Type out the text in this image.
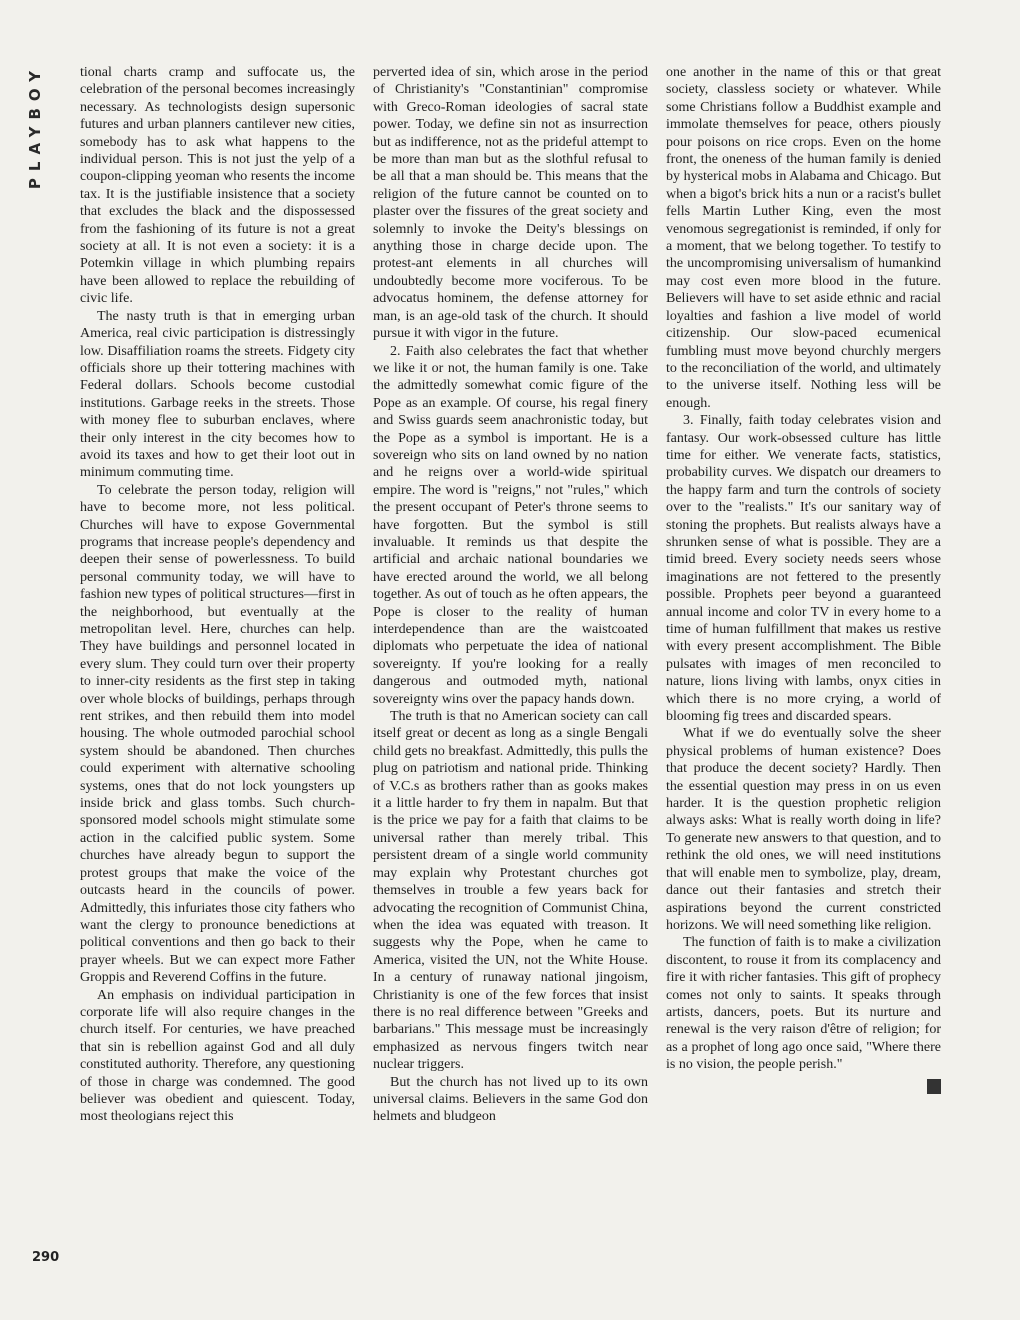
PLAYBOY	tional charts cramp and suffocate us, the celebration of the personal becomes increasingly necessary. As technologists design supersonic futures and urban planners cantilever new cities, somebody has to ask what happens to the individual person. This is not just the yelp of a coupon-clipping yeoman who resents the income tax. It is the justifiable insistence that a society that excludes the black and the dispossessed from the fashioning of its future is not a great society at all. It is not even a society: it is a Potemkin village in which plumbing repairs have been allowed to replace the rebuilding of civic life.

The nasty truth is that in emerging urban America, real civic participation is distressingly low. Disaffiliation roams the streets. Fidgety city officials shore up their tottering machines with Federal dollars. Schools become custodial institutions. Garbage reeks in the streets. Those with money flee to suburban enclaves, where their only interest in the city becomes how to avoid its taxes and how to get their loot out in minimum commuting time.

To celebrate the person today, religion will have to become more, not less political. Churches will have to expose Governmental programs that increase people's dependency and deepen their sense of powerlessness. To build personal community today, we will have to fashion new types of political structures—first in the neighborhood, but eventually at the metropolitan level. Here, churches can help. They have buildings and personnel located in every slum. They could turn over their property to inner-city residents as the first step in taking over whole blocks of buildings, perhaps through rent strikes, and then rebuild them into model housing. The whole outmoded parochial school system should be abandoned. Then churches could experiment with alternative schooling systems, ones that do not lock youngsters up inside brick and glass tombs. Such church-sponsored model schools might stimulate some action in the calcified public system. Some churches have already begun to support the protest groups that make the voice of the outcasts heard in the councils of power. Admittedly, this infuriates those city fathers who want the clergy to pronounce benedictions at political conventions and then go back to their prayer wheels. But we can expect more Father Groppis and Reverend Coffins in the future.

An emphasis on individual participation in corporate life will also require changes in the church itself. For centuries, we have preached that sin is rebellion against God and all duly constituted authority. Therefore, any questioning of those in charge was condemned. The good believer was obedient and quiescent. Today, most theologians reject this

perverted idea of sin, which arose in the period of Christianity's "Constantinian" compromise with Greco-Roman ideologies of sacral state power. Today, we define sin not as insurrection but as indifference, not as the prideful attempt to be more than man but as the slothful refusal to be all that a man should be. This means that the religion of the future cannot be counted on to plaster over the fissures of the great society and solemnly to invoke the Deity's blessings on anything those in charge decide upon. The protest-ant elements in all churches will undoubtedly become more vociferous. To be advocatus hominem, the defense attorney for man, is an age-old task of the church. It should pursue it with vigor in the future.

2. Faith also celebrates the fact that whether we like it or not, the human family is one. Take the admittedly somewhat comic figure of the Pope as an example. Of course, his regal finery and Swiss guards seem anachronistic today, but the Pope as a symbol is important. He is a sovereign who sits on land owned by no nation and he reigns over a world-wide spiritual empire. The word is "reigns," not "rules," which the present occupant of Peter's throne seems to have forgotten. But the symbol is still invaluable. It reminds us that despite the artificial and archaic national boundaries we have erected around the world, we all belong together. As out of touch as he often appears, the Pope is closer to the reality of human interdependence than are the waistcoated diplomats who perpetuate the idea of national sovereignty. If you're looking for a really dangerous and outmoded myth, national sovereignty wins over the papacy hands down.

The truth is that no American society can call itself great or decent as long as a single Bengali child gets no breakfast. Admittedly, this pulls the plug on patriotism and national pride. Thinking of V.C.s as brothers rather than as gooks makes it a little harder to fry them in napalm. But that is the price we pay for a faith that claims to be universal rather than merely tribal. This persistent dream of a single world community may explain why Protestant churches got themselves in trouble a few years back for advocating the recognition of Communist China, when the idea was equated with treason. It suggests why the Pope, when he came to America, visited the UN, not the White House. In a century of runaway national jingoism, Christianity is one of the few forces that insist there is no real difference between "Greeks and barbarians." This message must be increasingly emphasized as nervous fingers twitch near nuclear triggers.

But the church has not lived up to its own universal claims. Believers in the same God don helmets and bludgeon

one another in the name of this or that great society, classless society or whatever. While some Christians follow a Buddhist example and immolate themselves for peace, others piously pour poisons on rice crops. Even on the home front, the oneness of the human family is denied by hysterical mobs in Alabama and Chicago. But when a bigot's brick hits a nun or a racist's bullet fells Martin Luther King, even the most venomous segregationist is reminded, if only for a moment, that we belong together. To testify to the uncompromising universalism of humankind may cost even more blood in the future. Believers will have to set aside ethnic and racial loyalties and fashion a live model of world citizenship. Our slow-paced ecumenical fumbling must move beyond churchly mergers to the reconciliation of the world, and ultimately to the universe itself. Nothing less will be enough.

3. Finally, faith today celebrates vision and fantasy. Our work-obsessed culture has little time for either. We venerate facts, statistics, probability curves. We dispatch our dreamers to the happy farm and turn the controls of society over to the "realists." It's our sanitary way of stoning the prophets. But realists always have a shrunken sense of what is possible. They are a timid breed. Every society needs seers whose imaginations are not fettered to the presently possible. Prophets peer beyond a guaranteed annual income and color TV in every home to a time of human fulfillment that makes us restive with every present accomplishment. The Bible pulsates with images of men reconciled to nature, lions living with lambs, onyx cities in which there is no more crying, a world of blooming fig trees and discarded spears.

What if we do eventually solve the sheer physical problems of human existence? Does that produce the decent society? Hardly. Then the essential question may press in on us even harder. It is the question prophetic religion always asks: What is really worth doing in life? To generate new answers to that question, and to rethink the old ones, we will need institutions that will enable men to symbolize, play, dream, dance out their fantasies and stretch their aspirations beyond the current constricted horizons. We will need something like religion.

The function of faith is to make a civilization discontent, to rouse it from its complacency and fire it with richer fantasies. This gift of prophecy comes not only to saints. It speaks through artists, dancers, poets. But its nurture and renewal is the very raison d'être of religion; for as a prophet of long ago once said, "Where there is no vision, the people perish."

290
